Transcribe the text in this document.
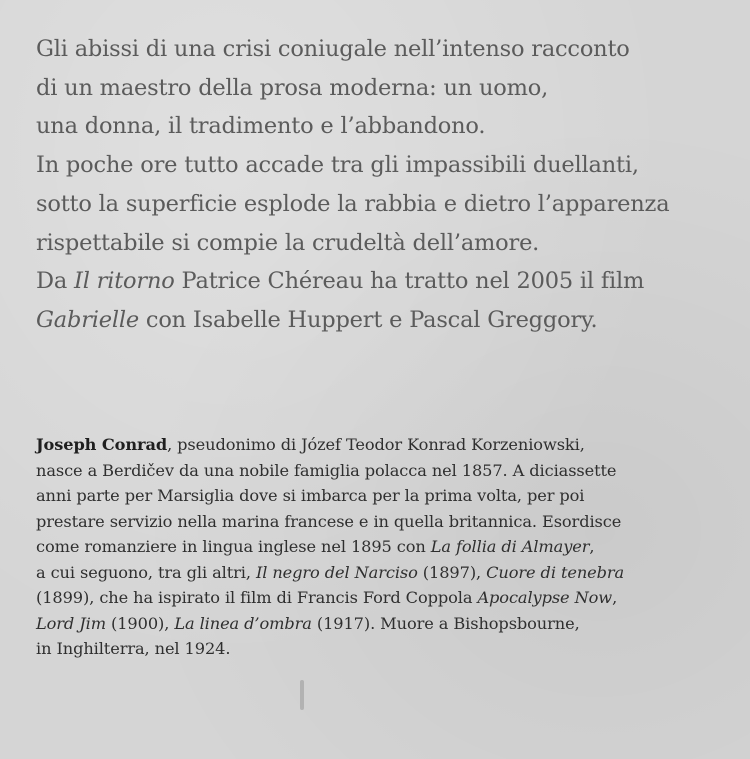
Gli abissi di una crisi coniugale nell’intenso racconto
di un maestro della prosa moderna: un uomo,
una donna, il tradimento e l’abbandono.
In poche ore tutto accade tra gli impassibili duellanti,
sotto la superficie esplode la rabbia e dietro l’apparenza
rispettabile si compie la crudeltà dell’amore.
Da Il ritorno Patrice Chéreau ha tratto nel 2005 il film
Gabrielle con Isabelle Huppert e Pascal Greggory.

Joseph Conrad, pseudonimo di Józef Teodor Konrad Korzeniowski,
nasce a Berdičev da una nobile famiglia polacca nel 1857. A diciassette
anni parte per Marsiglia dove si imbarca per la prima volta, per poi
prestare servizio nella marina francese e in quella britannica. Esordisce
come romanziere in lingua inglese nel 1895 con La follia di Almayer,
a cui seguono, tra gli altri, Il negro del Narciso (1897), Cuore di tenebra
(1899), che ha ispirato il film di Francis Ford Coppola Apocalypse Now,
Lord Jim (1900), La linea d’ombra (1917). Muore a Bishopsbourne,
in Inghilterra, nel 1924.
